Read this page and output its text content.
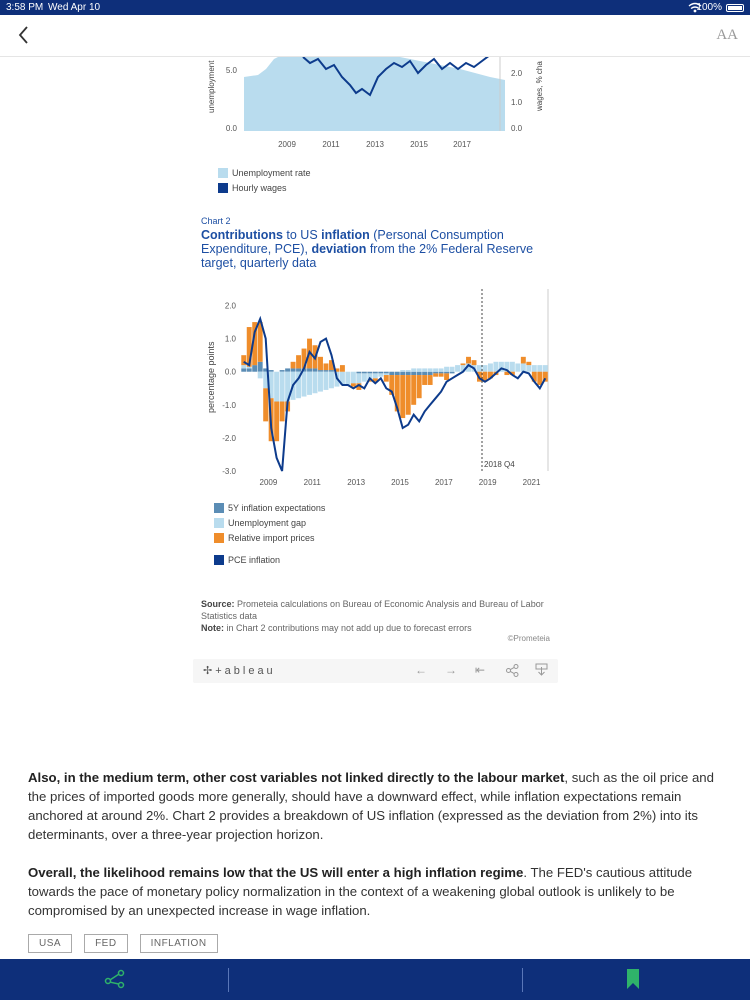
3:58 PM Wed Apr 10	100%
AA
unemployment	wages, % cha
5.0
0.0
2.0
1.0
0.0
2009	2011	2013	2015	2017
Unemployment rate
Hourly wages
Chart 2
Contributions to US inflation (Personal Consumption Expenditure, PCE), deviation from the 2% Federal Reserve target, quarterly data
2.0
1.0
0.0
-1.0
-2.0
-3.0
2009	2011	2013	2015	2017	2019	2021
percentage points
2018 Q4
5Y inflation expectations
Unemployment gap
Relative import prices
PCE inflation
Source: Prometeia calculations on Bureau of Economic Analysis and Bureau of Labor Statistics data
Note: in Chart 2 contributions may not add up due to forecast errors
©Prometeia
✢+ableau	← → ⇤

Also, in the medium term, other cost variables not linked directly to the labour market, such as the oil price and the prices of imported goods more generally, should have a downward effect, while inflation expectations remain anchored at around 2%. Chart 2 provides a breakdown of US inflation (expressed as the deviation from 2%) into its determinants, over a three-year projection horizon.

Overall, the likelihood remains low that the US will enter a high inflation regime. The FED's cautious attitude towards the pace of monetary policy normalization in the context of a weakening global outlook is unlikely to be compromised by an unexpected increase in wage inflation.

USA	FED	INFLATION
